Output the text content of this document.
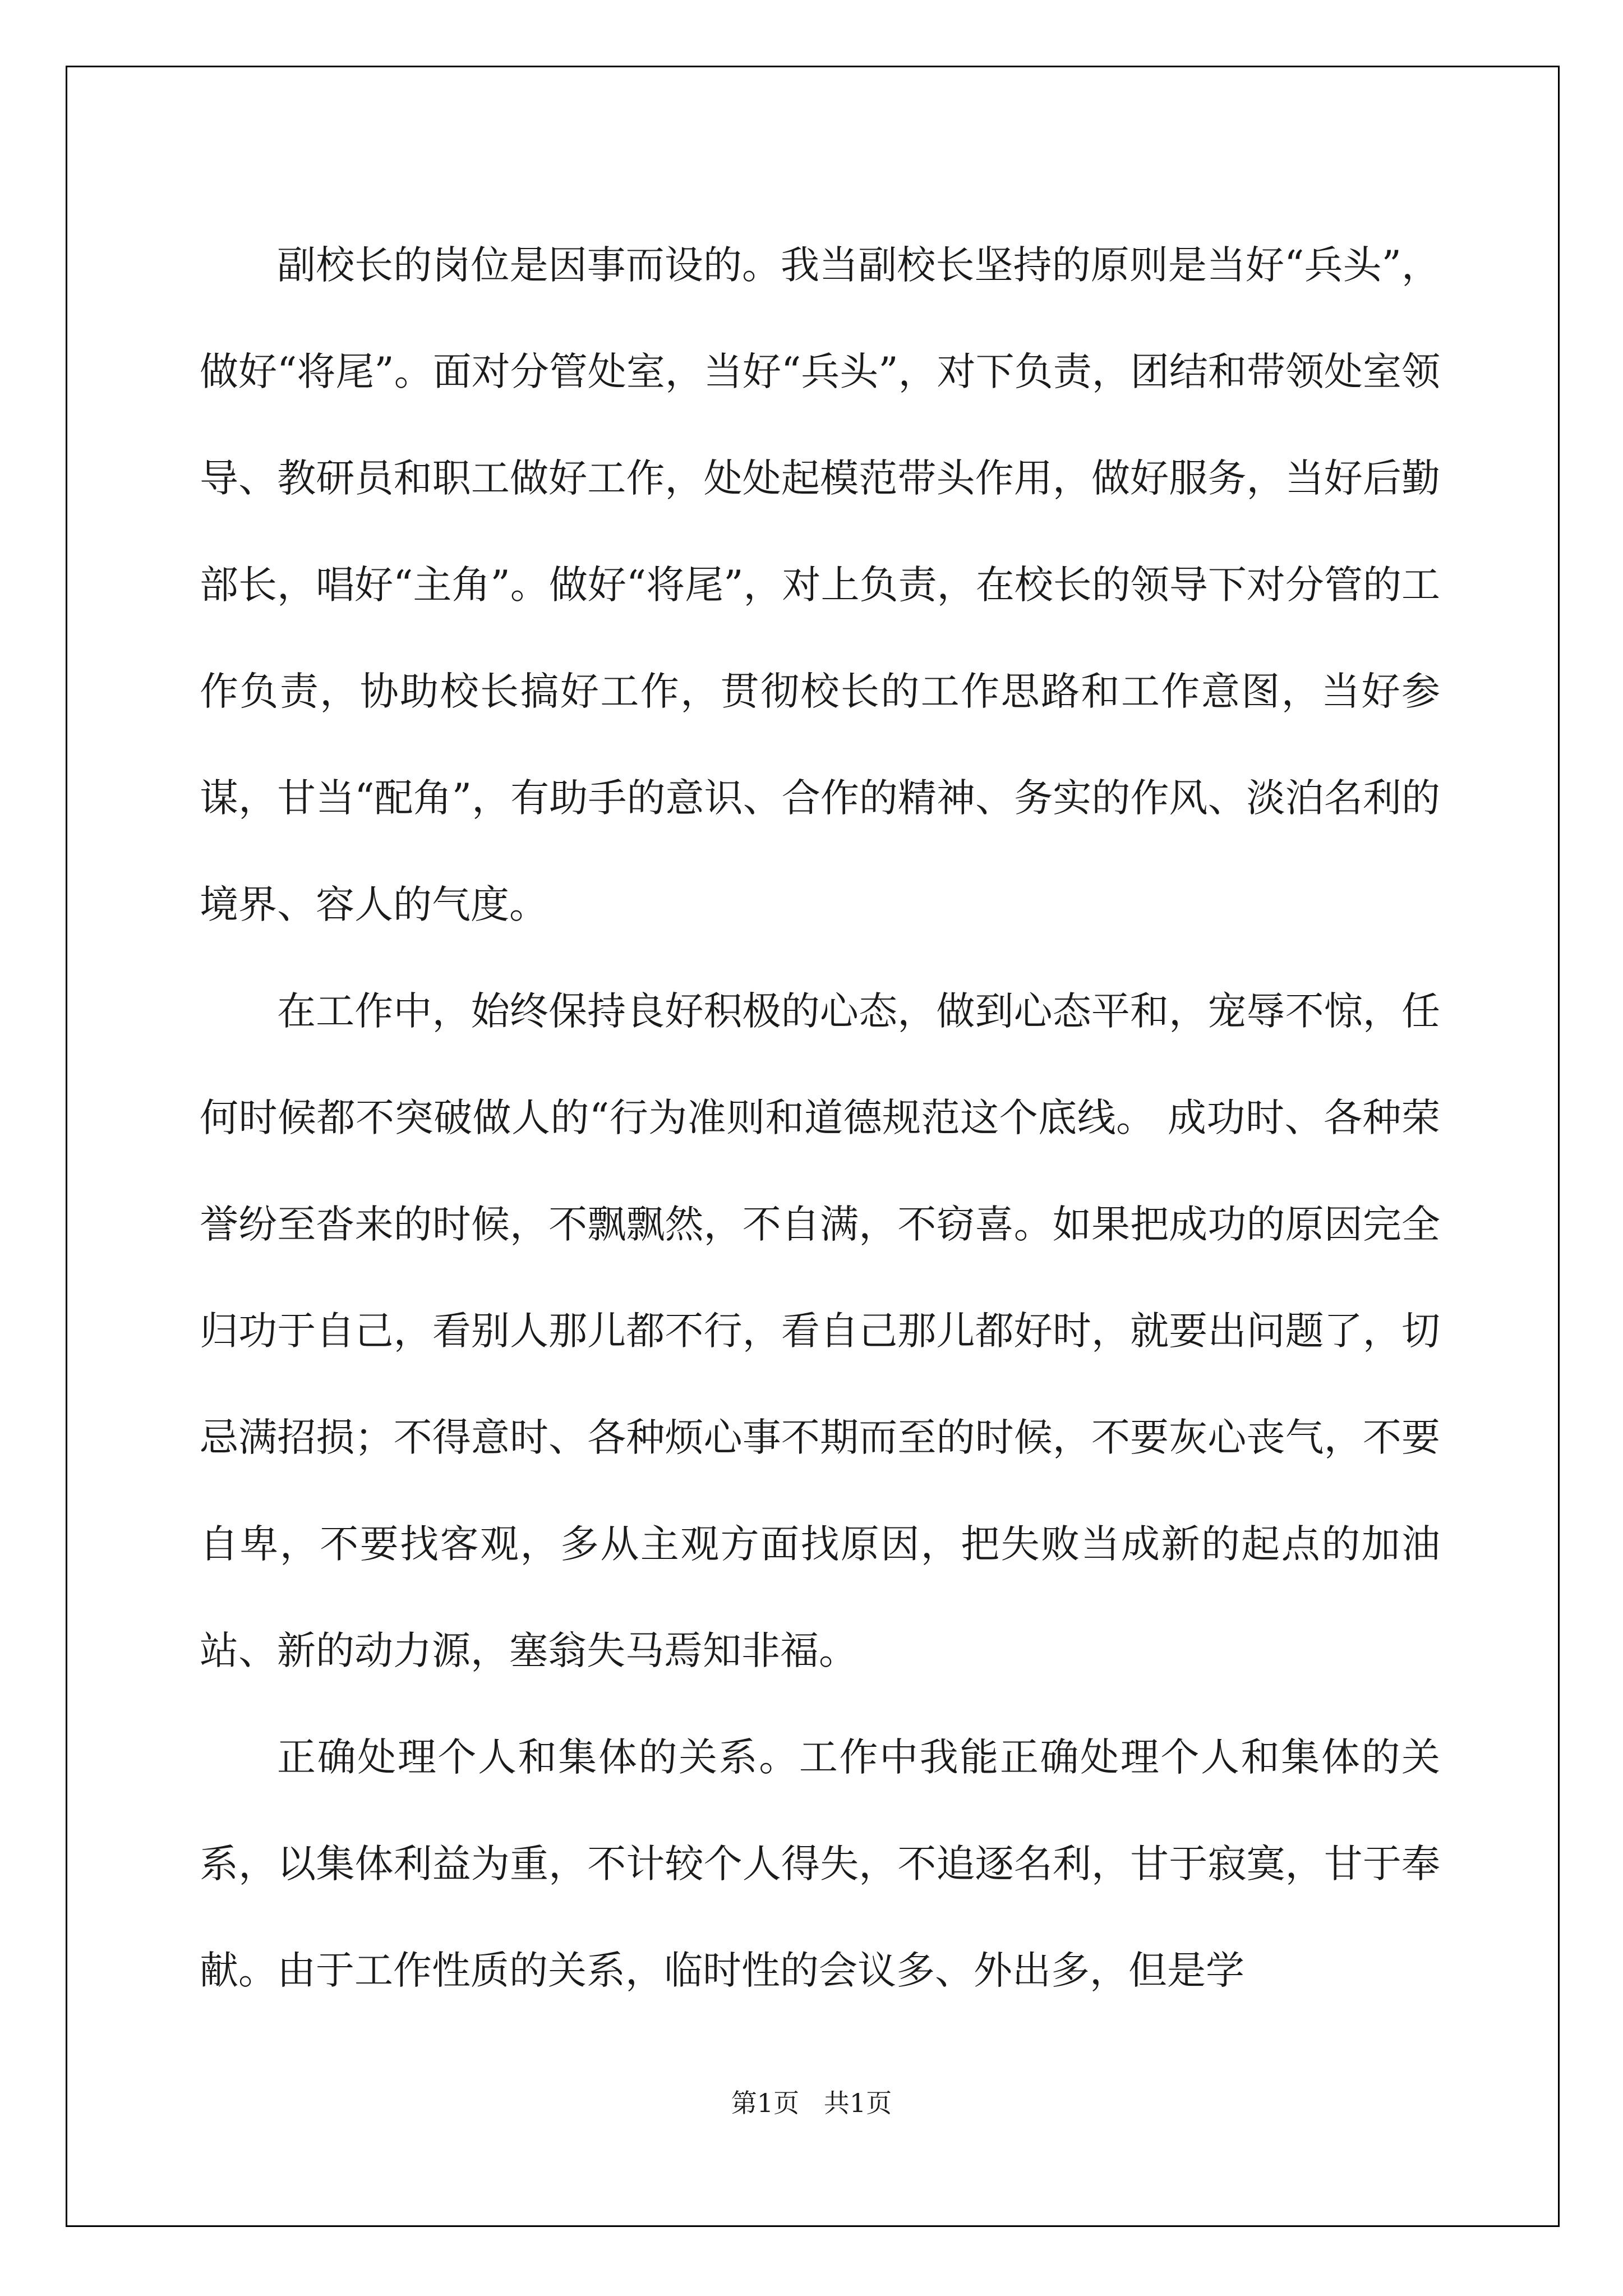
副校长的岗位是因事而设的。我当副校长坚持的原则是当好“兵头”，做好“将尾”。面对分管处室，当好“兵头”，对下负责，团结和带领处室领导、教研员和职工做好工作，处处起模范带头作用，做好服务，当好后勤部长，唱好“主角”。做好“将尾”，对上负责，在校长的领导下对分管的工作负责，协助校长搞好工作，贯彻校长的工作思路和工作意图，当好参谋，甘当“配角”，有助手的意识、合作的精神、务实的作风、淡泊名利的境界、容人的气度。

在工作中，始终保持良好积极的心态，做到心态平和，宠辱不惊，任何时候都不突破做人的“行为准则和道德规范这个底线。 成功时、各种荣誉纷至沓来的时候，不飘飘然，不自满，不窃喜。如果把成功的原因完全归功于自己，看别人那儿都不行，看自己那儿都好时，就要出问题了，切忌满招损；不得意时、各种烦心事不期而至的时候，不要灰心丧气，不要自卑，不要找客观，多从主观方面找原因，把失败当成新的起点的加油站、新的动力源，塞翁失马焉知非福。

正确处理个人和集体的关系。工作中我能正确处理个人和集体的关系，以集体利益为重，不计较个人得失，不追逐名利，甘于寂寞，甘于奉献。由于工作性质的关系，临时性的会议多、外出多，但是学

第1页   共1页
